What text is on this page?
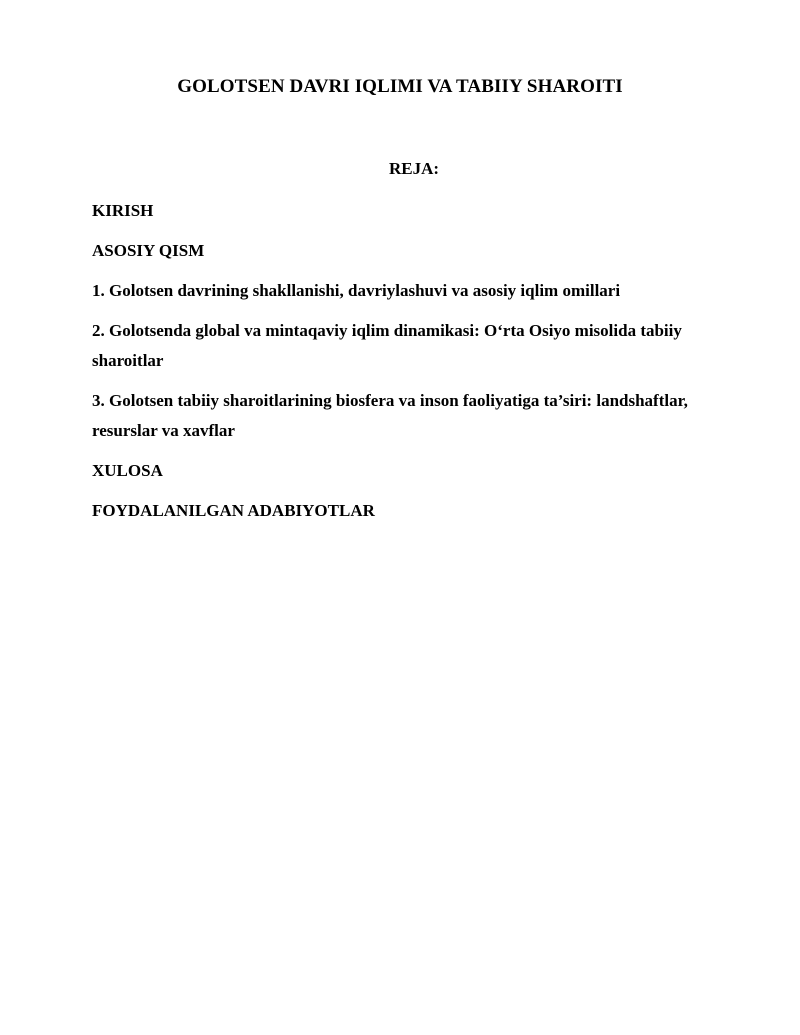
GOLOTSEN DAVRI IQLIMI VA TABIIY SHAROITI
REJA:
KIRISH
ASOSIY QISM
1. Golotsen davrining shakllanishi, davriylashuvi va asosiy iqlim omillari
2. Golotsenda global va mintaqaviy iqlim dinamikasi: O‘rta Osiyo misolida tabiiy sharoitlar
3. Golotsen tabiiy sharoitlarining biosfera va inson faoliyatiga ta’siri: landshaftlar, resurslar va xavflar
XULOSA
FOYDALANILGAN ADABIYOTLAR
